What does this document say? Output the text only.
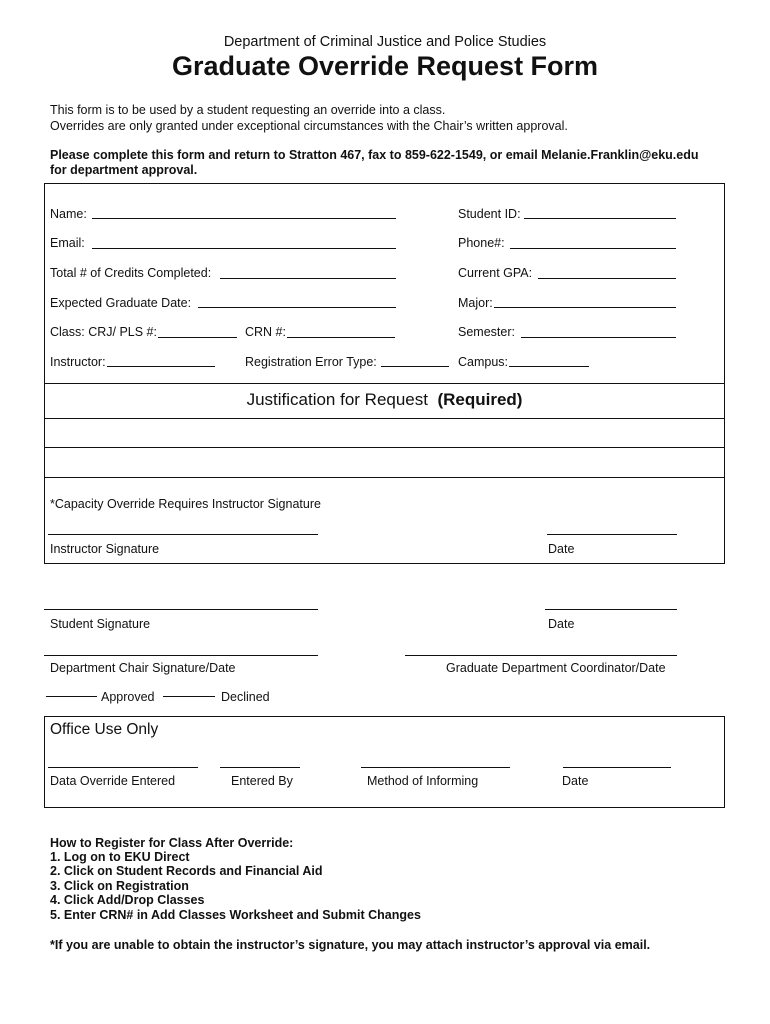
Department of Criminal Justice and Police Studies
Graduate Override Request Form
This form is to be used by a student requesting an override into a class.
Overrides are only granted under exceptional circumstances with the Chair’s written approval.
Please complete this form and return to Stratton 467, fax to 859-622-1549, or email Melanie.Franklin@eku.edu
for department approval.
Name:	Student ID:
Email:	Phone#:
Total # of Credits Completed:	Current GPA:
Expected Graduate Date:	Major:
Class: CRJ/ PLS #:	CRN #:	Semester:
Instructor:	Registration Error Type:	Campus:
Justification for Request (Required)
*Capacity Override Requires Instructor Signature
Instructor Signature	Date
Student Signature	Date
Department Chair Signature/Date	Graduate Department Coordinator/Date
Approved	Declined
Office Use Only
Data Override Entered	Entered By	Method of Informing	Date
How to Register for Class After Override:
1. Log on to EKU Direct
2. Click on Student Records and Financial Aid
3. Click on Registration
4. Click Add/Drop Classes
5. Enter CRN# in Add Classes Worksheet and Submit Changes
*If you are unable to obtain the instructor’s signature, you may attach instructor’s approval via email.
